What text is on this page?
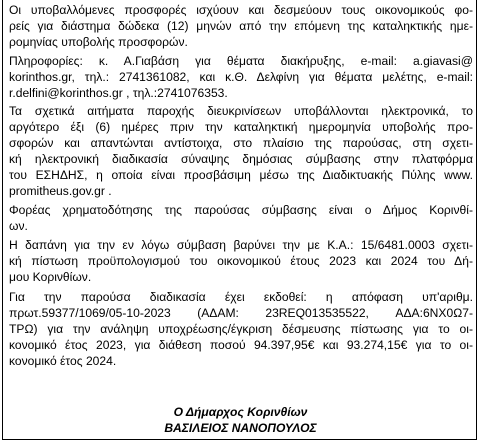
Οι υποβαλλόμενες προσφορές ισχύουν και δεσμεύουν τους οικονομικούς φο-
ρείς για διάστημα δώδεκα (12) μηνών από την επόμενη της καταληκτικής ημε-
ρομηνίας υποβολής προσφορών.
Πληροφορίες: κ. Α.Γιαβάση για θέματα διακήρυξης, e-mail: a.giavasi@
korinthos.gr, τηλ.: 2741361082, και κ.Θ. Δελφίνη για θέματα μελέτης, e-mail:
r.delfini@korinthos.gr , τηλ.:2741076353.
Τα σχετικά αιτήματα παροχής διευκρινίσεων υποβάλλονται ηλεκτρονικά, το
αργότερο έξι (6) ημέρες πριν την καταληκτική ημερομηνία υποβολής προ-
σφορών και απαντώνται αντίστοιχα, στο πλαίσιο της παρούσας, στη σχετι-
κή ηλεκτρονική διαδικασία σύναψης δημόσιας σύμβασης στην πλατφόρμα
του ΕΣΗΔΗΣ, η οποία είναι προσβάσιμη μέσω της Διαδικτυακής Πύλης www.
promitheus.gov.gr .
Φορέας χρηματοδότησης της παρούσας σύμβασης είναι ο Δήμος Κορινθί-
ων.
Η δαπάνη για την εν λόγω σύμβαση βαρύνει την με Κ.Α.: 15/6481.0003 σχετι-
κή πίστωση προϋπολογισμού του οικονομικού έτους 2023 και 2024 του Δή-
μου Κορινθίων.
Για την παρούσα διαδικασία έχει εκδοθεί: η απόφαση υπ'αριθμ.
πρωτ.59377/1069/05-10-2023 (ΑΔΑΜ: 23REQ013535522, ΑΔΑ:6ΝΧ0Ω7-
ΤΡΩ) για την ανάληψη υποχρέωσης/έγκριση δέσμευσης πίστωσης για το οι-
κονομικό έτος 2023, για διάθεση ποσού 94.397,95€ και 93.274,15€ για το οι-
κονομικό έτος 2024.
Ο Δήμαρχος Κορινθίων
ΒΑΣΙΛΕΙΟΣ ΝΑΝΟΠΟΥΛΟΣ
